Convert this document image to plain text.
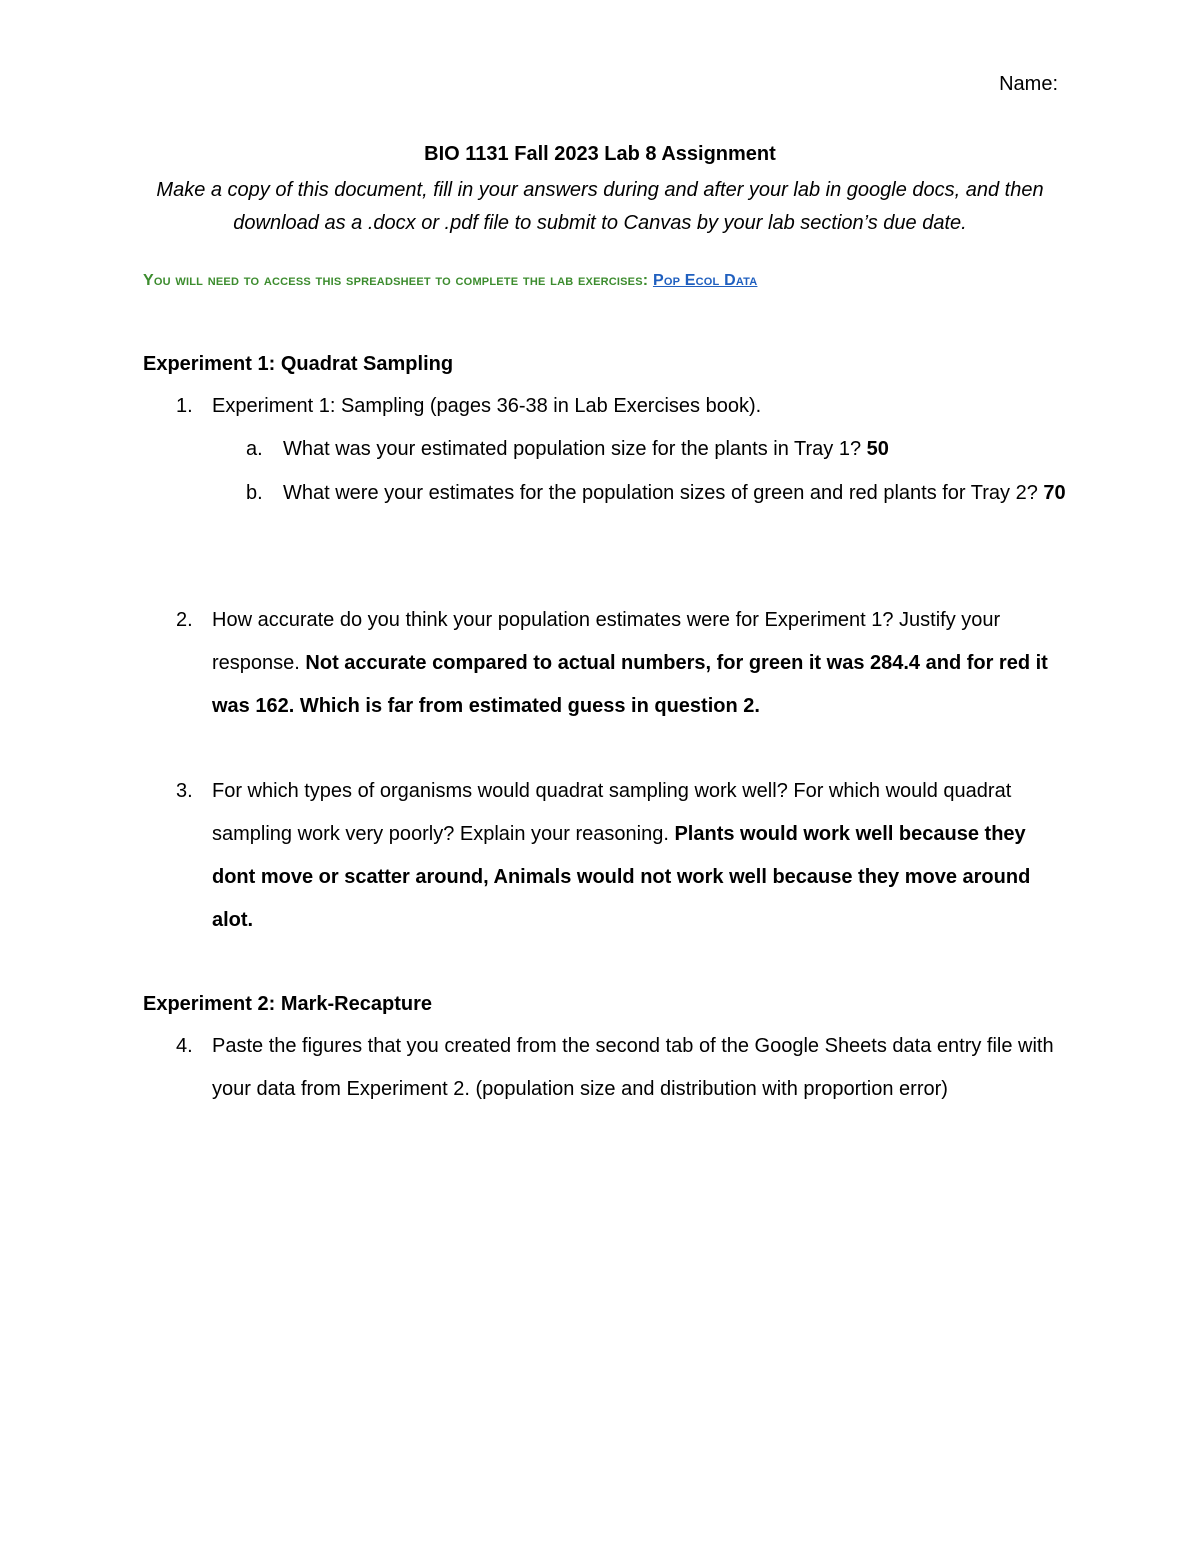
Name:
BIO 1131 Fall 2023 Lab 8 Assignment
Make a copy of this document, fill in your answers during and after your lab in google docs, and then download as a .docx or .pdf file to submit to Canvas by your lab section’s due date.
You will need to access this spreadsheet to complete the lab exercises: Pop Ecol Data
Experiment 1: Quadrat Sampling
1. Experiment 1: Sampling (pages 36-38 in Lab Exercises book).
a. What was your estimated population size for the plants in Tray 1? 50
b. What were your estimates for the population sizes of green and red plants for Tray 2? 70
2. How accurate do you think your population estimates were for Experiment 1? Justify your response. Not accurate compared to actual numbers, for green it was 284.4 and for red it was 162. Which is far from estimated guess in question 2.
3. For which types of organisms would quadrat sampling work well? For which would quadrat sampling work very poorly? Explain your reasoning. Plants would work well because they dont move or scatter around, Animals would not work well because they move around alot.
Experiment 2: Mark-Recapture
4. Paste the figures that you created from the second tab of the Google Sheets data entry file with your data from Experiment 2. (population size and distribution with proportion error)
